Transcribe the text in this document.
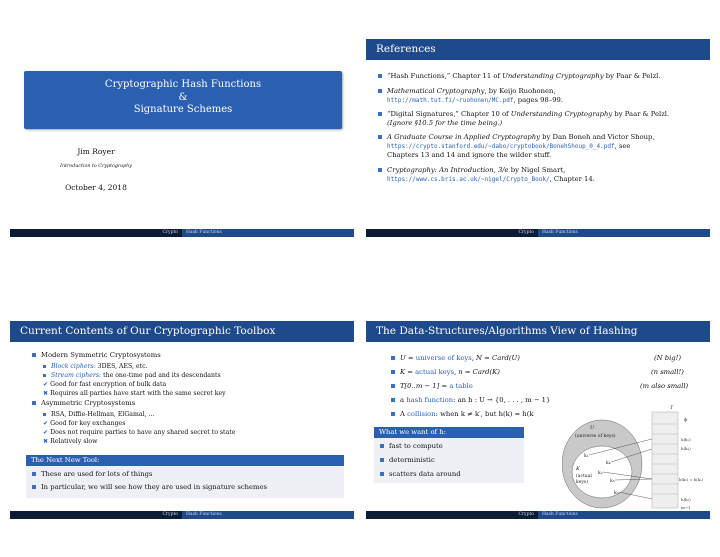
Cryptographic Hash Functions
&
Signature Schemes
Jim Royer
Introduction to Cryptography
October 4, 2018
Crypto	Hash Functions
References
“Hash Functions,” Chapter 11 of Understanding Cryptography by Paar & Pelzl.
Mathematical Cryptography, by Keijo Ruohonen,
http://math.tut.fi/~ruohonen/MC.pdf, pages 98–99.
“Digital Signatures,” Chapter 10 of Understanding Cryptography by Paar & Pelzl.
(Ignore §10.5 for the time being.)
A Graduate Course in Applied Cryptography by Dan Boneh and Victor Shoup,
https://crypto.stanford.edu/~dabo/cryptobook/BonehShoup_0_4.pdf, see
Chapters 13 and 14 and ignore the wilder stuff.
Cryptography: An Introduction, 3/e by Nigel Smart,
https://www.cs.bris.ac.uk/~nigel/Crypto_Book/, Chapter 14.
Crypto	Hash Functions
Current Contents of Our Cryptographic Toolbox
Modern Symmetric Cryptosystems
Block ciphers: 3DES, AES, etc.
Stream ciphers: the one-time pad and its descendants
✔ Good for fast encryption of bulk data
✖ Requires all parties have start with the same secret key
Asymmetric Cryptosystems
RSA, Diffie-Hellman, ElGamal, …
✔ Good for key exchanges
✔ Does not require parties to have any shared secret to state
✖ Relatively slow
The Next New Tool:
These are used for lots of things
In particular, we will see how they are used in signature schemes
Crypto	Hash Functions
The Data-Structures/Algorithms View of Hashing
U = universe of keys, N = Card(U)	(N big!)
K = actual keys, n = Card(K)	(n small!)
T[0..m − 1] = a table	(m also small)
a hash function: an h : U → {0, . . . , m − 1}
A collision: when k ≠ k′, but h(k) = h(k
T
ϕ
U
(universe of keys)
K
(actual
keys)
k₁
k₄
k₂
k₅
k₃
h(k₁)
h(k₄)
h(k₂) = h(k₅)
h(k₃)
m−1
What we want of h:
fast to compute
deterministic
scatters data around
Crypto	Hash Functions
